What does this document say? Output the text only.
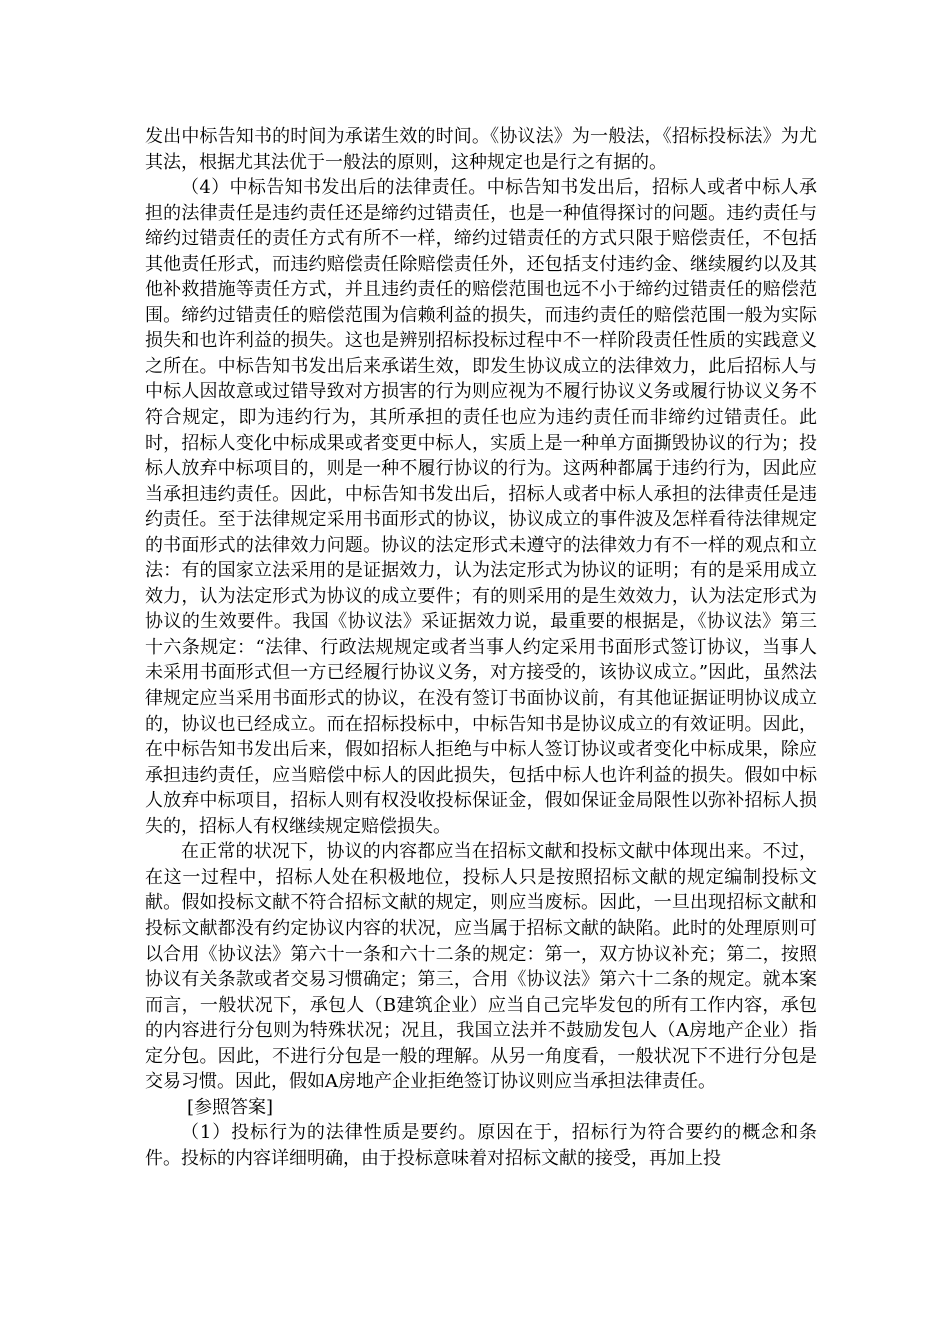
发出中标告知书的时间为承诺生效的时间。《协议法》为一般法，《招标投标法》为尤其法，根据尤其法优于一般法的原则，这种规定也是行之有据的。

（4）中标告知书发出后的法律责任。中标告知书发出后，招标人或者中标人承担的法律责任是违约责任还是缔约过错责任，也是一种值得探讨的问题。违约责任与缔约过错责任的责任方式有所不一样，缔约过错责任的方式只限于赔偿责任，不包括其他责任形式，而违约赔偿责任除赔偿责任外，还包括支付违约金、继续履约以及其他补救措施等责任方式，并且违约责任的赔偿范围也远不小于缔约过错责任的赔偿范围。缔约过错责任的赔偿范围为信赖利益的损失，而违约责任的赔偿范围一般为实际损失和也许利益的损失。这也是辨别招标投标过程中不一样阶段责任性质的实践意义之所在。中标告知书发出后来承诺生效，即发生协议成立的法律效力，此后招标人与中标人因故意或过错导致对方损害的行为则应视为不履行协议义务或履行协议义务不符合规定，即为违约行为，其所承担的责任也应为违约责任而非缔约过错责任。此时，招标人变化中标成果或者变更中标人，实质上是一种单方面撕毁协议的行为；投标人放弃中标项目的，则是一种不履行协议的行为。这两种都属于违约行为，因此应当承担违约责任。因此，中标告知书发出后，招标人或者中标人承担的法律责任是违约责任。至于法律规定采用书面形式的协议，协议成立的事件波及怎样看待法律规定的书面形式的法律效力问题。协议的法定形式未遵守的法律效力有不一样的观点和立法：有的国家立法采用的是证据效力，认为法定形式为协议的证明；有的是采用成立效力，认为法定形式为协议的成立要件；有的则采用的是生效效力，认为法定形式为协议的生效要件。我国《协议法》采证据效力说，最重要的根据是，《协议法》第三十六条规定：“法律、行政法规规定或者当事人约定采用书面形式签订协议，当事人未采用书面形式但一方已经履行协议义务，对方接受的，该协议成立。”因此，虽然法律规定应当采用书面形式的协议，在没有签订书面协议前，有其他证据证明协议成立的，协议也已经成立。而在招标投标中，中标告知书是协议成立的有效证明。因此，在中标告知书发出后来，假如招标人拒绝与中标人签订协议或者变化中标成果，除应承担违约责任，应当赔偿中标人的因此损失，包括中标人也许利益的损失。假如中标人放弃中标项目，招标人则有权没收投标保证金，假如保证金局限性以弥补招标人损失的，招标人有权继续规定赔偿损失。

在正常的状况下，协议的内容都应当在招标文献和投标文献中体现出来。不过，在这一过程中，招标人处在积极地位，投标人只是按照招标文献的规定编制投标文献。假如投标文献不符合招标文献的规定，则应当废标。因此，一旦出现招标文献和投标文献都没有约定协议内容的状况，应当属于招标文献的缺陷。此时的处理原则可以合用《协议法》第六十一条和六十二条的规定：第一，双方协议补充；第二，按照协议有关条款或者交易习惯确定；第三，合用《协议法》第六十二条的规定。就本案而言，一般状况下，承包人（B建筑企业）应当自己完毕发包的所有工作内容，承包的内容进行分包则为特殊状况；况且，我国立法并不鼓励发包人（A房地产企业）指定分包。因此，不进行分包是一般的理解。从另一角度看，一般状况下不进行分包是交易习惯。因此，假如A房地产企业拒绝签订协议则应当承担法律责任。

[参照答案]

（1）投标行为的法律性质是要约。原因在于，招标行为符合要约的概念和条件。投标的内容详细明确，由于投标意味着对招标文献的接受，再加上投
